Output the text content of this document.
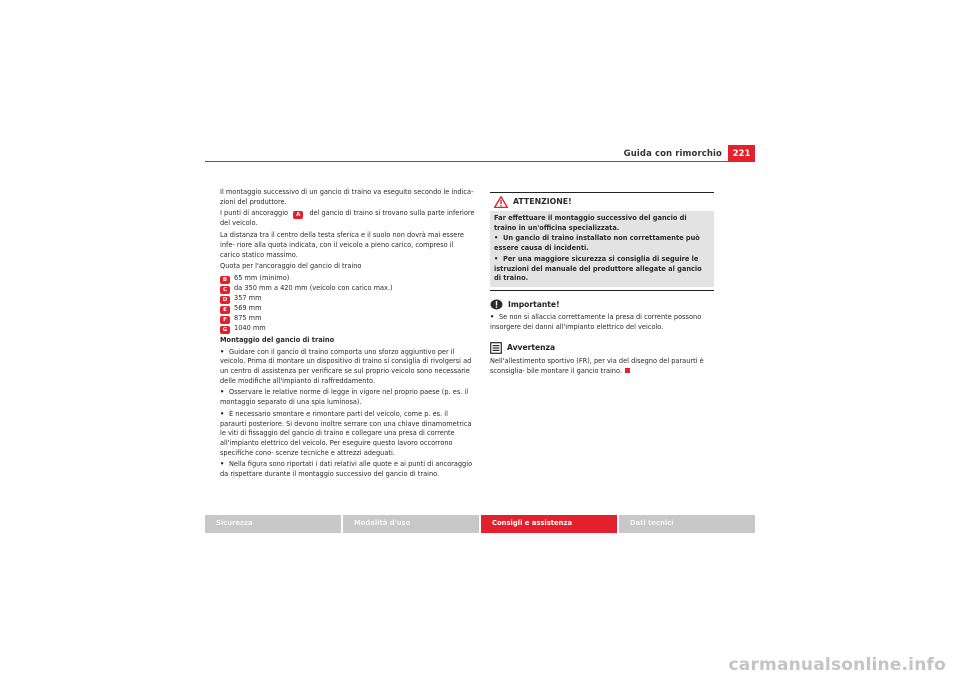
Guida con rimorchio	221

Il montaggio successivo di un gancio di traino va eseguito secondo le indica- zioni del produttore.

I punti di ancoraggio A del gancio di traino si trovano sulla parte inferiore del veicolo.

La distanza tra il centro della testa sferica e il suolo non dovrà mai essere infe- riore alla quota indicata, con il veicolo a pieno carico, compreso il carico statico massimo.

Quota per l'ancoraggio del gancio di traino

B 65 mm (minimo)
C da 350 mm a 420 mm (veicolo con carico max.)
D 357 mm
E 569 mm
F 875 mm
G 1040 mm

Montaggio del gancio di traino

• Guidare con il gancio di traino comporta uno sforzo aggiuntivo per il veicolo. Prima di montare un dispositivo di traino si consiglia di rivolgersi ad un centro di assistenza per verificare se sul proprio veicolo sono necessarie delle modifiche all'impianto di raffreddamento.

• Osservare le relative norme di legge in vigore nel proprio paese (p. es. il montaggio separato di una spia luminosa).

• È necessario smontare e rimontare parti del veicolo, come p. es. il paraurti posteriore. Si devono inoltre serrare con una chiave dinamometrica le viti di fissaggio del gancio di traino e collegare una presa di corrente all'impianto elettrico del veicolo. Per eseguire questo lavoro occorrono specifiche cono- scenze tecniche e attrezzi adeguati.

• Nella figura sono riportati i dati relativi alle quote e ai punti di ancoraggio da rispettare durante il montaggio successivo del gancio di traino.

ATTENZIONE!

Far effettuare il montaggio successivo del gancio di traino in un'officina specializzata.

• Un gancio di traino installato non correttamente può essere causa di incidenti.

• Per una maggiore sicurezza si consiglia di seguire le istruzioni del manuale del produttore allegate al gancio di traino.

Importante!

• Se non si allaccia correttamente la presa di corrente possono insorgere dei danni all'impianto elettrico del veicolo.

Avvertenza

Nell'allestimento sportivo (FR), per via del disegno del paraurti è sconsiglia- bile montare il gancio traino.

Sicurezza	Modalità d'uso	Consigli e assistenza	Dati tecnici
carmanualsonline.info
